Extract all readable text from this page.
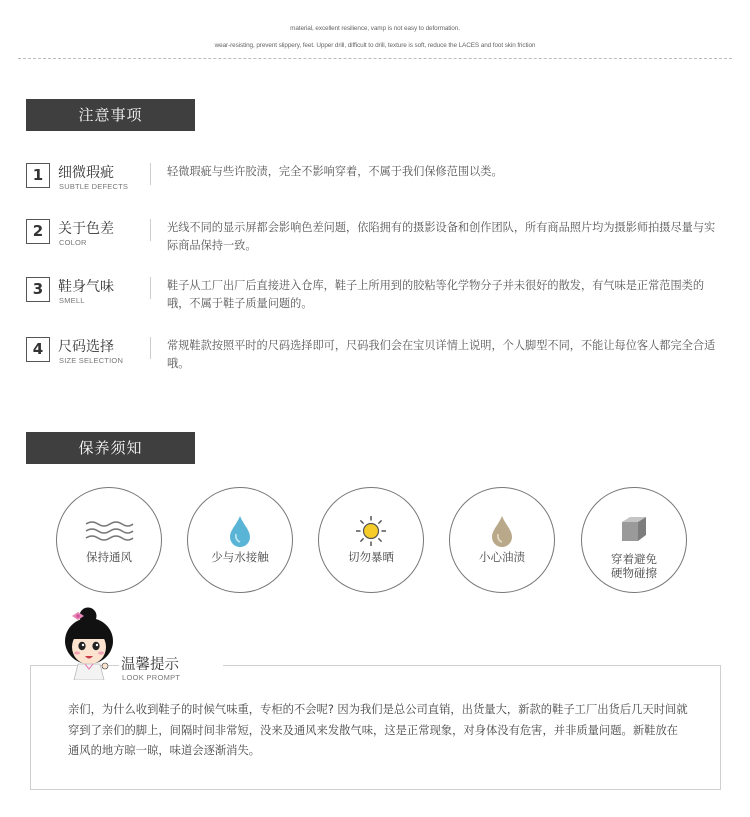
material, excellent resilience, vamp is not easy to deformation.
wear-resisting, prevent slippery, feet. Upper drill, difficult to drill, texture is soft, reduce the LACES and foot skin friction
注意事项
1	细微瑕疵
SUBTLE DEFECTS
轻微瑕疵与些许胶渍，完全不影响穿着，不属于我们保修范围以类。
2	关于色差
COLOR
光线不同的显示屏都会影响色差问题，依陷拥有的摄影设备和创作团队，所有商品照片均为摄影师拍摄尽量与实际商品保持一致。
3	鞋身气味
SMELL
鞋子从工厂出厂后直接进入仓库，鞋子上所用到的胶粘等化学物分子并未很好的散发，有气味是正常范围类的哦，不属于鞋子质量问题的。
4	尺码选择
SIZE SELECTION
常规鞋款按照平时的尺码选择即可，尺码我们会在宝贝详情上说明，个人脚型不同，不能让每位客人都完全合适哦。
保养须知
保持通风	少与水接触	切勿暴晒	小心油渍	穿着避免
硬物碰擦
温馨提示
LOOK PROMPT
亲们，为什么收到鞋子的时候气味重，专柜的不会呢? 因为我们是总公司直销，出货量大，新款的鞋子工厂出货后几天时间就穿到了亲们的脚上，间隔时间非常短，没来及通风来发散气味，这是正常现象，对身体没有危害，并非质量问题。新鞋放在通风的地方晾一晾，味道会逐渐消失。
